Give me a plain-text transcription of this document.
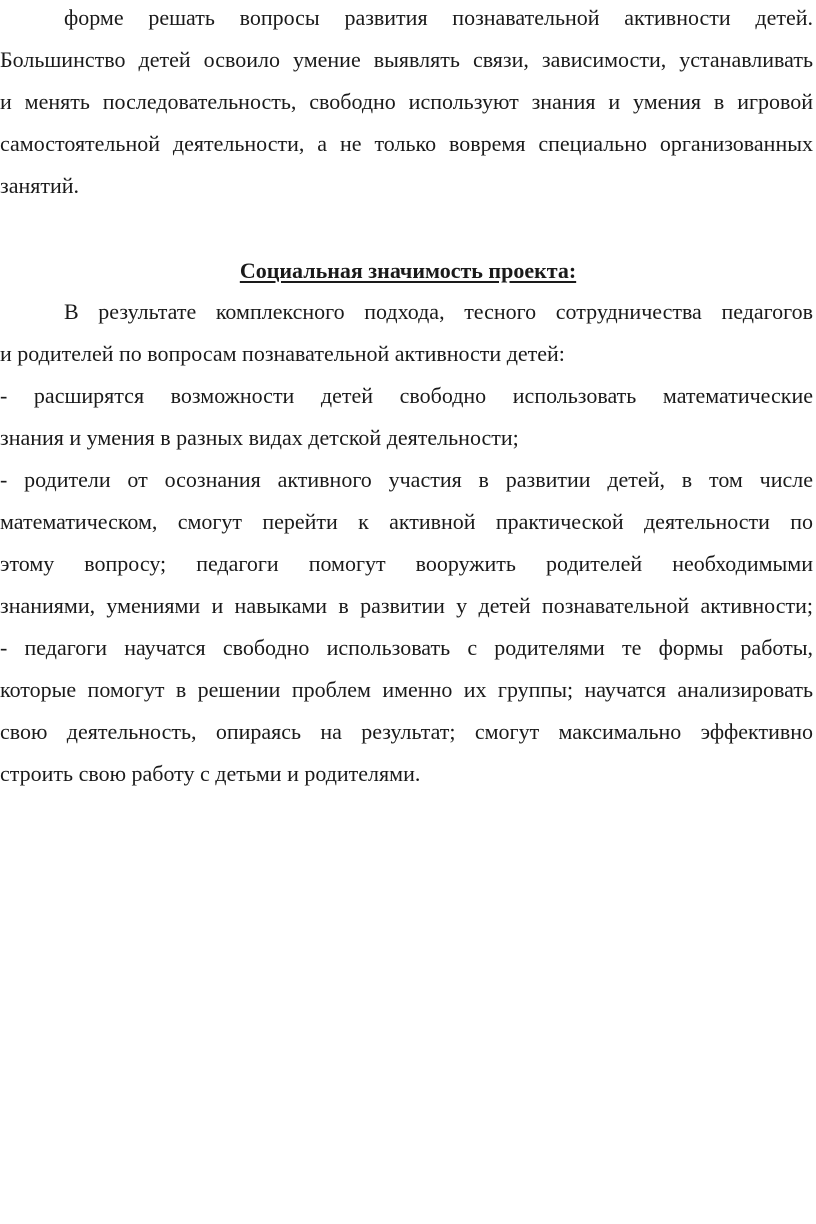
форме решать вопросы развития познавательной активности детей.
Большинство детей освоило умение выявлять связи, зависимости, устанавливать
и менять последовательность, свободно используют знания и умения в игровой
самостоятельной деятельности, а не только вовремя специально организованных
занятий.
Социальная значимость проекта:
В результате комплексного подхода, тесного сотрудничества педагогов
и родителей по вопросам познавательной активности детей:
- расширятся возможности детей свободно использовать математические
знания и умения в разных видах детской деятельности;
- родители от осознания активного участия в развитии детей, в том числе
математическом, смогут перейти к активной практической деятельности по
этому вопросу; педагоги помогут вооружить родителей необходимыми
знаниями, умениями и навыками в развитии у детей познавательной активности;
- педагоги научатся свободно использовать с родителями те формы работы,
которые помогут в решении проблем именно их группы; научатся анализировать
свою деятельность, опираясь на результат; смогут максимально эффективно
строить свою работу с детьми и родителями.
